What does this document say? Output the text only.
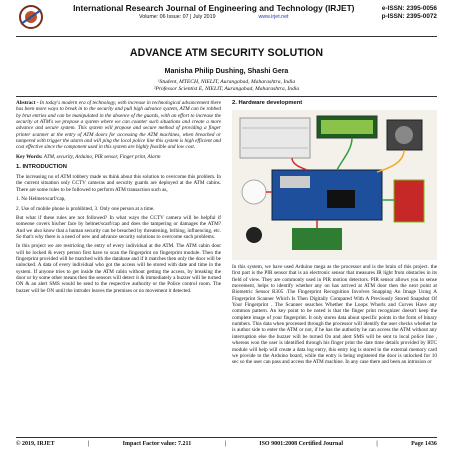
International Research Journal of Engineering and Technology (IRJET)
Volume: 06 Issue: 07 | July 2019	www.irjet.net
e-ISSN: 2395-0056
p-ISSN: 2395-0072
ADVANCE ATM SECURITY SOLUTION
Manisha Philip Dushing, Shashi Gera
¹Student, MTECH, NIELIT, Aurangabad, Maharashtra, India
²Professor Scientist E, NIELIT, Aurangabad, Maharashtra, India

Abstract - In today's modern era of technology, with increase in technological advancement there has been more ways to break in to the security and pull high advance system, ATM can be robbed by brut entries and can be manipulated in the absence of the guards, with an effort to increase the security at ATM's we propose a system where we can counter such situations and create a more advance and secure system. This system will propose and secure method of providing a finger printer scanner at the entry of ATM doors for accessing the ATM machines, when breached or tampered with trigger the alarm and will ping the local police line this system is high efficient and cost effective since the component used in this system are highly feasible and low cost.

Key Words: ATM, security, Arduino, PIR sensor, Finger print, Alarm

1. INTRODUCTION

The increasing no of ATM robbery made us think about this solution to overcome this problem. In the current situation only CCTV cameras and security guards are deployed at the ATM cabins. There are some rules to be followed to perform ATM transaction such as,

1. No Helmet/scarf/cap,

2. Use of mobile phone is prohibited, 3. Only one person at a time.

But what if these rules are not followed? In what ways the CCTV camera will be helpful if someone covers his/her face by helmet/scarf/cap and does the tampering or damages the ATM? And we also know that a human security can be breached by threatening, bribing, influencing, etc. So that's why there is a need of new and advance security solutions to overcome such problems.

In this project we are restricting the entry of every individual at the ATM. The ATM cabin door will be locked & every person first have to scan the fingerprint on fingerprint module. Then the fingerprint provided will be matched with the database and if it matches then only the door will be unlocked. A data of every individual who got the access will be stored with date and time in the system. If anyone tries to get inside the ATM cabin without getting the access, by breaking the door or by some other means then the sensors will detect it & immediately a buzzer will be turned ON & an alert SMS would be send to the respective authority or the Police control room. The buzzer will be ON until the intruder leaves the premises or no movement it detected.

2. Hardware development

In this system, we have used Arduino mega as the processor and is the brain of this project. the first part is the PIR sensor that is an electronic sensor that measures IR light from obstacles in its field of view. They are commonly used in PIR motion detectors. PIR sensor allows you to sense movement, helps to identify whether any on has arrived at ATM door then the next point at Biometric Sensor R305 .The Fingerprint Recognition Involves Snapping An Image Using A Fingerprint Scanner Which Is Then Digitally Compared With A Previously Stored Snapshot Of Your Fingerprint . The Scanner searches Whether the Loops Whorls and Curves Have any common pattern. An key point to be noted is that the finger print recognizer doesn't keep the complete image of your fingerprint. It only stores data about specific points in the form of binary numbers. This data when processed through the processor will identify the user checks whether he is author side to enter the ATM or not, if he has the authority he can access the ATM without any interruption else the buzzer will be turned On and alert SMS will be sent to local police line , whereas won the user is identified through his finger print the date time details provided by RTC module will help will create a data log entry, this entry log is stored in the external memory card we provide to the Arduino board, while the entry is being registered the door is unlocked for 10 sec so the user can pass and access the ATM machine. In any case there and been an intrusion or

© 2019, IRJET	|	Impact Factor value: 7.211	|	ISO 9001:2008 Certified Journal	|	Page 1436
